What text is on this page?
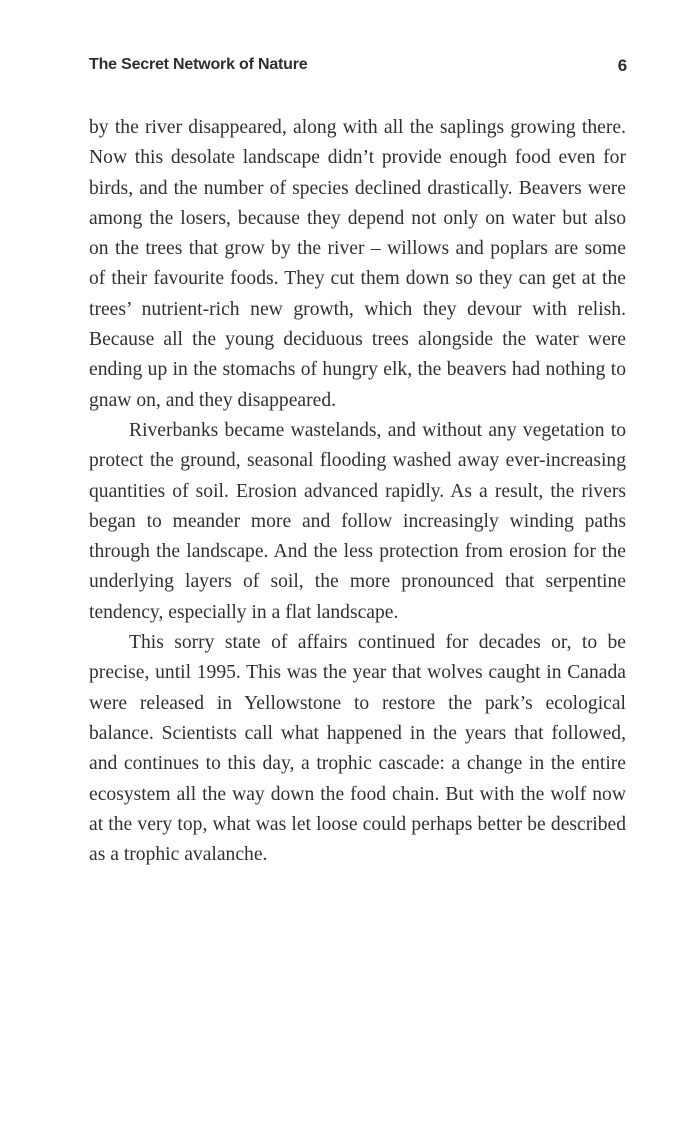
The Secret Network of Nature	6

by the river disappeared, along with all the saplings growing there. Now this desolate landscape didn’t provide enough food even for birds, and the number of species declined drastically. Beavers were among the losers, because they depend not only on water but also on the trees that grow by the river – willows and poplars are some of their favourite foods. They cut them down so they can get at the trees’ nutrient-rich new growth, which they devour with relish. Because all the young deciduous trees alongside the water were ending up in the stomachs of hungry elk, the beavers had nothing to gnaw on, and they disappeared.

Riverbanks became wastelands, and without any vegetation to protect the ground, seasonal flooding washed away ever-increasing quantities of soil. Erosion advanced rapidly. As a result, the rivers began to meander more and follow increasingly winding paths through the landscape. And the less protection from erosion for the underlying layers of soil, the more pronounced that serpentine tendency, especially in a flat landscape.

This sorry state of affairs continued for decades or, to be precise, until 1995. This was the year that wolves caught in Canada were released in Yellowstone to restore the park’s ecological balance. Scientists call what happened in the years that followed, and continues to this day, a trophic cascade: a change in the entire ecosystem all the way down the food chain. But with the wolf now at the very top, what was let loose could perhaps better be described as a trophic avalanche.
